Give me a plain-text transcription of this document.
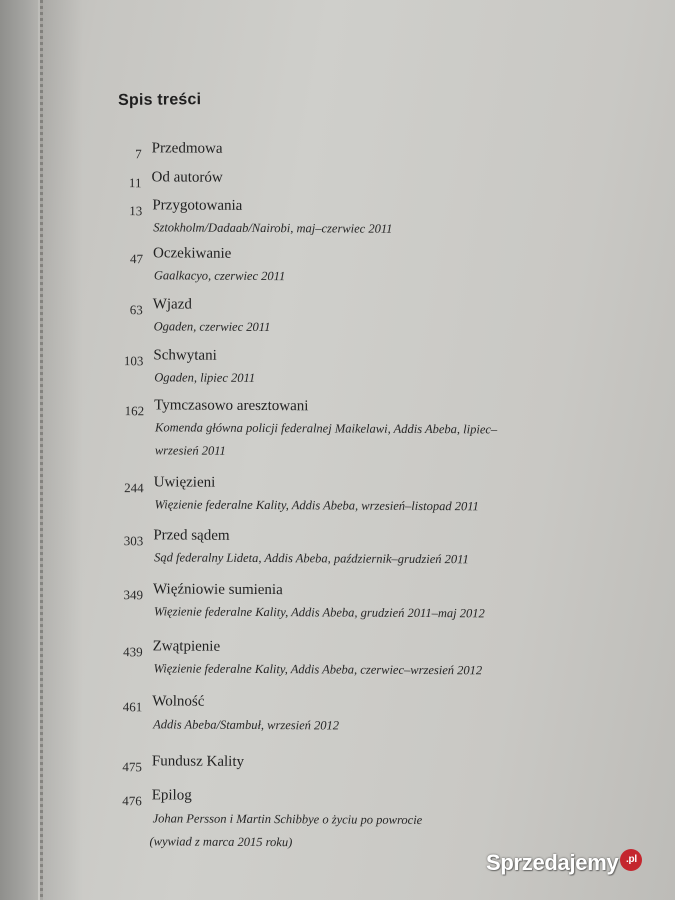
Spis treści
7 Przedmowa
11 Od autorów
13 Przygotowania
Sztokholm/Dadaab/Nairobi, maj–czerwiec 2011
47 Oczekiwanie
Gaalkacyo, czerwiec 2011
63 Wjazd
Ogaden, czerwiec 2011
103 Schwytani
Ogaden, lipiec 2011
162 Tymczasowo aresztowani
Komenda główna policji federalnej Maikelawi, Addis Abeba, lipiec–
wrzesień 2011
244 Uwięzieni
Więzienie federalne Kality, Addis Abeba, wrzesień–listopad 2011
303 Przed sądem
Sąd federalny Lideta, Addis Abeba, październik–grudzień 2011
349 Więźniowie sumienia
Więzienie federalne Kality, Addis Abeba, grudzień 2011–maj 2012
439 Zwątpienie
Więzienie federalne Kality, Addis Abeba, czerwiec–wrzesień 2012
461 Wolność
Addis Abeba/Stambuł, wrzesień 2012
475 Fundusz Kality
476 Epilog
Johan Persson i Martin Schibbye o życiu po powrocie
(wywiad z marca 2015 roku)
Sprzedajemy .pl
